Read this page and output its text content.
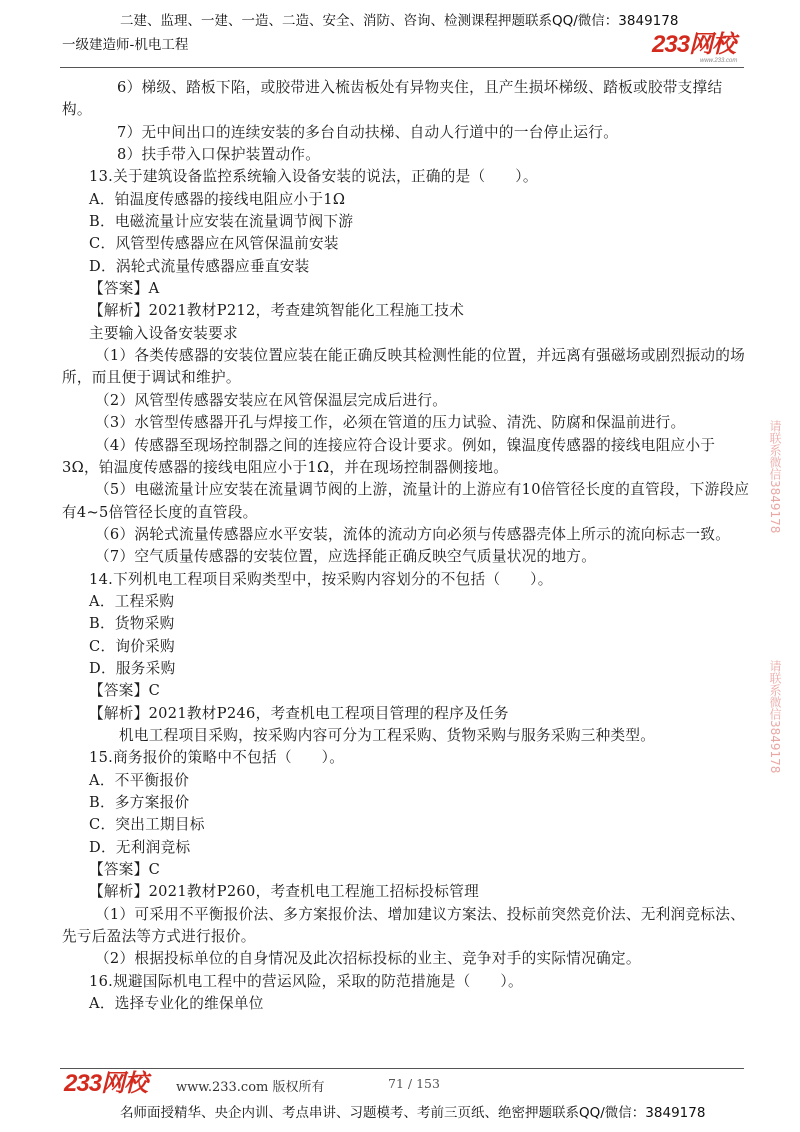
二建、监理、一建、一造、二造、安全、消防、咨询、检测课程押题联系QQ/微信：3849178
一级建造师-机电工程	233网校
www.233.com
6）梯级、踏板下陷，或胶带进入梳齿板处有异物夹住，且产生损坏梯级、踏板或胶带支撑结
构。
7）无中间出口的连续安装的多台自动扶梯、自动人行道中的一台停止运行。
8）扶手带入口保护装置动作。
13.关于建筑设备监控系统输入设备安装的说法，正确的是（　　）。
A．铂温度传感器的接线电阻应小于1Ω
B．电磁流量计应安装在流量调节阀下游
C．风管型传感器应在风管保温前安装
D．涡轮式流量传感器应垂直安装
【答案】A
【解析】2021教材P212，考查建筑智能化工程施工技术
主要输入设备安装要求
（1）各类传感器的安装位置应装在能正确反映其检测性能的位置，并远离有强磁场或剧烈振动的场
所，而且便于调试和维护。
（2）风管型传感器安装应在风管保温层完成后进行。
（3）水管型传感器开孔与焊接工作，必须在管道的压力试验、清洗、防腐和保温前进行。
（4）传感器至现场控制器之间的连接应符合设计要求。例如，镍温度传感器的接线电阻应小于
3Ω，铂温度传感器的接线电阻应小于1Ω，并在现场控制器侧接地。
（5）电磁流量计应安装在流量调节阀的上游，流量计的上游应有10倍管径长度的直管段，下游段应
有4~5倍管径长度的直管段。
（6）涡轮式流量传感器应水平安装，流体的流动方向必须与传感器壳体上所示的流向标志一致。
（7）空气质量传感器的安装位置，应选择能正确反映空气质量状况的地方。
14.下列机电工程项目采购类型中，按采购内容划分的不包括（　　）。
A．工程采购
B．货物采购
C．询价采购
D．服务采购
【答案】C
【解析】2021教材P246，考查机电工程项目管理的程序及任务
机电工程项目采购，按采购内容可分为工程采购、货物采购与服务采购三种类型。
15.商务报价的策略中不包括（　　）。
A．不平衡报价
B．多方案报价
C．突出工期目标
D．无利润竞标
【答案】C
【解析】2021教材P260，考查机电工程施工招标投标管理
（1）可采用不平衡报价法、多方案报价法、增加建议方案法、投标前突然竞价法、无利润竞标法、
先亏后盈法等方式进行报价。
（2）根据投标单位的自身情况及此次招标投标的业主、竞争对手的实际情况确定。
16.规避国际机电工程中的营运风险，采取的防范措施是（　　）。
A．选择专业化的维保单位
请联系微信3849178
请联系微信3849178
233网校 www.233.com 版权所有	71 / 153
名师面授精华、央企内训、考点串讲、习题模考、考前三页纸、绝密押题联系QQ/微信：3849178
